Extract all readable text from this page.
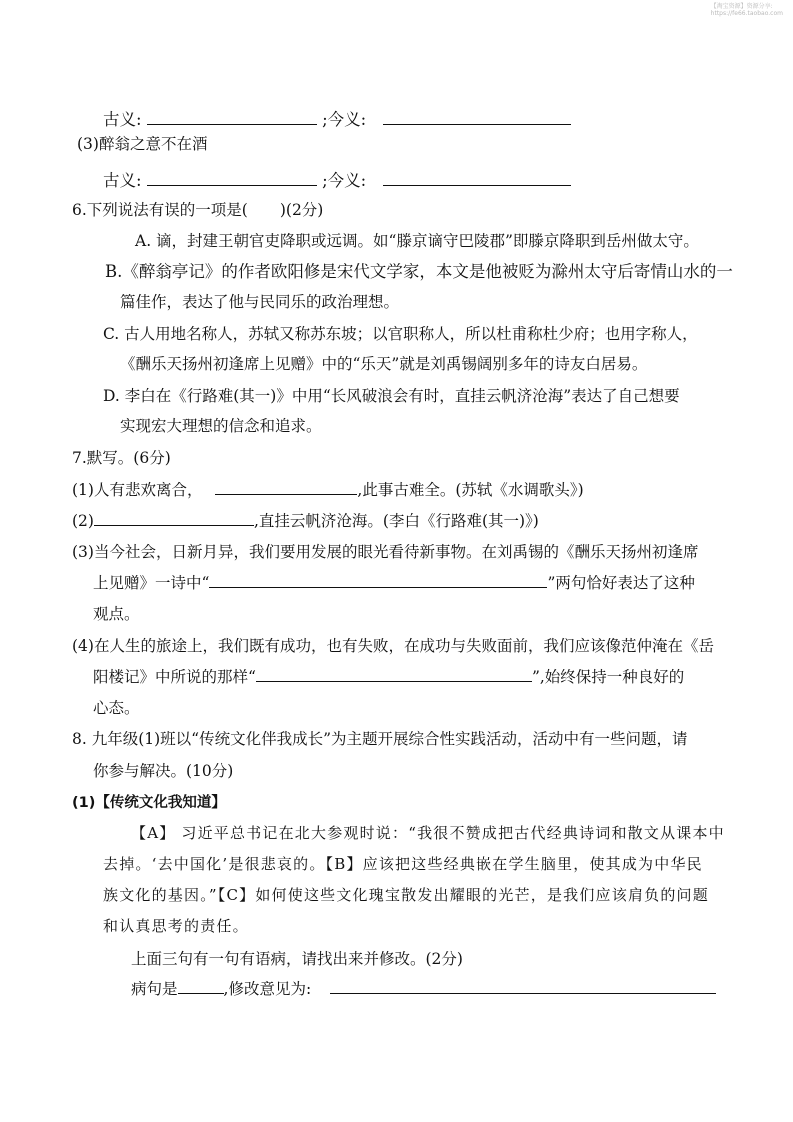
【淘宝资源】资源分享:
https://fe66.taobao.com
古义:	;今义:
(3)醉翁之意不在酒
古义:	;今义:
6.下列说法有误的一项是( )(2分)
A. 谪，封建王朝官吏降职或远调。如“滕京谪守巴陵郡”即滕京降职到岳州做太守。
B.《醉翁亭记》的作者欧阳修是宋代文学家，本文是他被贬为滁州太守后寄情山水的一
篇佳作，表达了他与民同乐的政治理想。
C. 古人用地名称人，苏轼又称苏东坡；以官职称人，所以杜甫称杜少府；也用字称人，
《酬乐天扬州初逢席上见赠》中的“乐天”就是刘禹锡阔别多年的诗友白居易。
D. 李白在《行路难(其一)》中用“长风破浪会有时，直挂云帆济沧海”表达了自己想要
实现宏大理想的信念和追求。
7.默写。(6分)
(1)人有悲欢离合，	,此事古难全。(苏轼《水调歌头》)
(2)	,直挂云帆济沧海。(李白《行路难(其一)》)
(3)当今社会，日新月异，我们要用发展的眼光看待新事物。在刘禹锡的《酬乐天扬州初逢席
上见赠》一诗中“	”两句恰好表达了这种
观点。
(4)在人生的旅途上，我们既有成功，也有失败，在成功与失败面前，我们应该像范仲淹在《岳
阳楼记》中所说的那样“	”,始终保持一种良好的
心态。
8. 九年级(1)班以“传统文化伴我成长”为主题开展综合性实践活动，活动中有一些问题，请
你参与解决。(10分)
(1)【传统文化我知道】
【A】 习近平总书记在北大参观时说：“我很不赞成把古代经典诗词和散文从课本中
去掉。‘去中国化’是很悲哀的。【B】应该把这些经典嵌在学生脑里，使其成为中华民
族文化的基因。”【C】如何使这些文化瑰宝散发出耀眼的光芒，是我们应该肩负的问题
和认真思考的责任。
上面三句有一句有语病，请找出来并修改。(2分)
病句是	,修改意见为:
